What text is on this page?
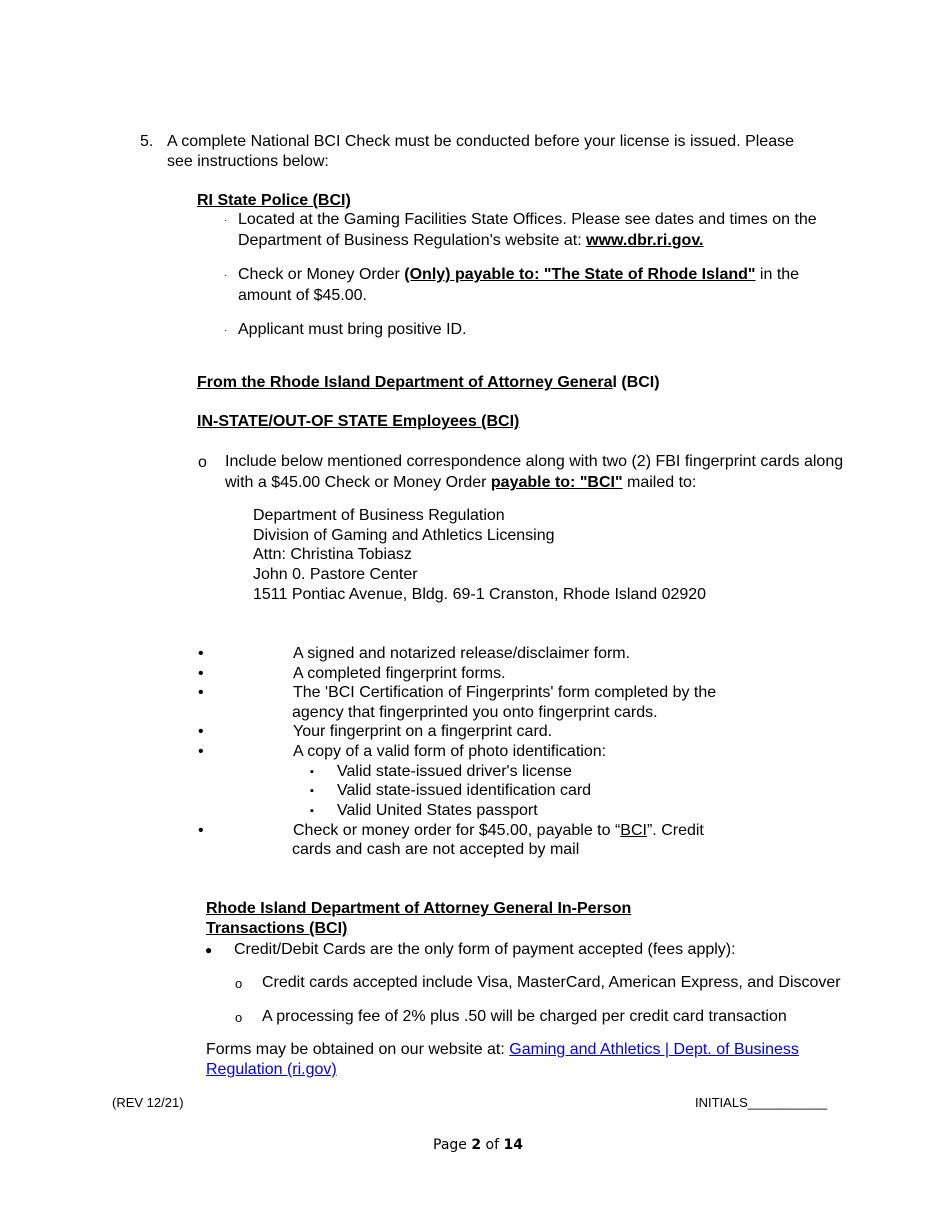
5. A complete National BCI Check must be conducted before your license is issued. Please
see instructions below:
RI State Police (BCI)
· Located at the Gaming Facilities State Offices. Please see dates and times on the
Department of Business Regulation's website at: www.dbr.ri.gov.
· Check or Money Order (Only) payable to: "The State of Rhode Island" in the
amount of $45.00.
· Applicant must bring positive ID.
From the Rhode Island Department of Attorney General (BCI)
IN-STATE/OUT-OF STATE Employees (BCI)
o Include below mentioned correspondence along with two (2) FBI fingerprint cards along
with a $45.00 Check or Money Order payable to: "BCI" mailed to:
Department of Business Regulation
Division of Gaming and Athletics Licensing
Attn: Christina Tobiasz
John 0. Pastore Center
1511 Pontiac Avenue, Bldg. 69-1 Cranston, Rhode Island 02920
•	A signed and notarized release/disclaimer form.
•	A completed fingerprint forms.
•	The 'BCI Certification of Fingerprints' form completed by the
agency that fingerprinted you onto fingerprint cards.
•	Your fingerprint on a fingerprint card.
•	A copy of a valid form of photo identification:
▪ Valid state-issued driver's license
▪ Valid state-issued identification card
▪ Valid United States passport
•	Check or money order for $45.00, payable to “BCI”. Credit
cards and cash are not accepted by mail
Rhode Island Department of Attorney General In-Person
Transactions (BCI)
● Credit/Debit Cards are the only form of payment accepted (fees apply):
o Credit cards accepted include Visa, MasterCard, American Express, and Discover
o A processing fee of 2% plus .50 will be charged per credit card transaction
Forms may be obtained on our website at: Gaming and Athletics | Dept. of Business
Regulation (ri.gov)
(REV 12/21)	INITIALS___________
Page 2 of 14
